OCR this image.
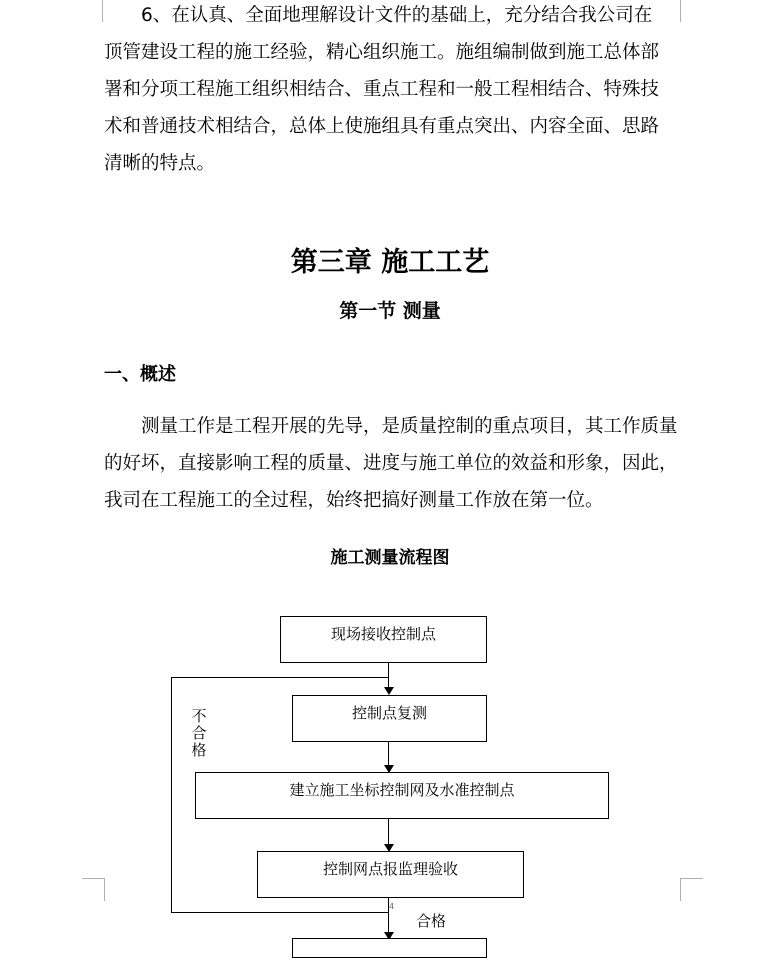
6、在认真、全面地理解设计文件的基础上，充分结合我公司在
顶管建设工程的施工经验，精心组织施工。施组编制做到施工总体部
署和分项工程施工组织相结合、重点工程和一般工程相结合、特殊技
术和普通技术相结合，总体上使施组具有重点突出、内容全面、思路
清晰的特点。

第三章 施工工艺
第一节 测量
一、概述

测量工作是工程开展的先导，是质量控制的重点项目，其工作质量
的好坏，直接影响工程的质量、进度与施工单位的效益和形象，因此，
我司在工程施工的全过程，始终把搞好测量工作放在第一位。

施工测量流程图
现场接收控制点
控制点复测
建立施工坐标控制网及水准控制点
控制网点报监理验收
不合格
合格
4
